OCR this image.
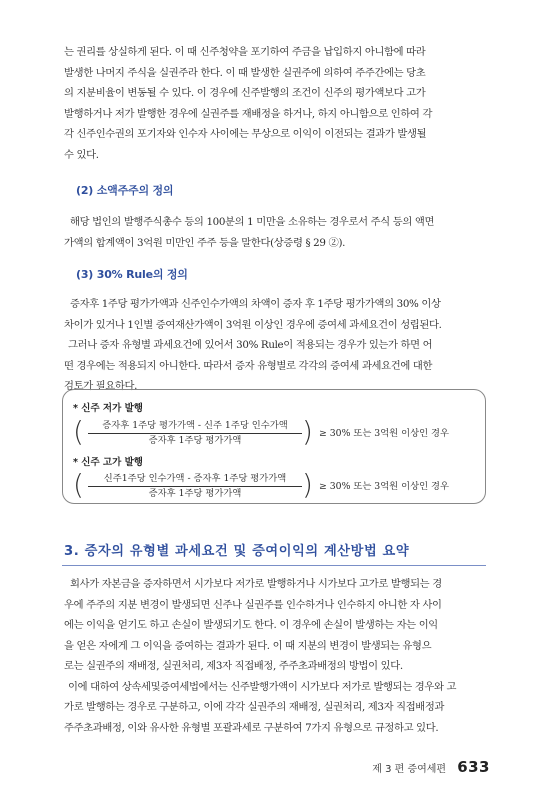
는 권리를 상실하게 된다. 이 때 신주청약을 포기하여 주금을 납입하지 아니함에 따라
발생한 나머지 주식을 실권주라 한다. 이 때 발생한 실권주에 의하여 주주간에는 당초
의 지분비율이 변동될 수 있다. 이 경우에 신주발행의 조건이 신주의 평가액보다 고가
발행하거나 저가 발행한 경우에 실권주를 재배정을 하거나, 하지 아니함으로 인하여 각
각 신주인수권의 포기자와 인수자 사이에는 무상으로 이익이 이전되는 결과가 발생될
수 있다.

(2) 소액주주의 정의

해당 법인의 발행주식총수 등의 100분의 1 미만을 소유하는 경우로서 주식 등의 액면
가액의 합계액이 3억원 미만인 주주 등을 말한다(상증령 § 29 ②).

(3) 30% Rule의 정의

증자후 1주당 평가가액과 신주인수가액의 차액이 증자 후 1주당 평가가액의 30% 이상
차이가 있거나 1인별 증여재산가액이 3억원 이상인 경우에 증여세 과세요건이 성립된다.
그러나 증자 유형별 과세요건에 있어서 30% Rule이 적용되는 경우가 있는가 하면 어
떤 경우에는 적용되지 아니한다. 따라서 증자 유형별로 각각의 증여세 과세요건에 대한
검토가 필요하다.

* 신주 저가 발행
(	증자후 1주당 평가가액 - 신주 1주당 인수가액
증자후 1주당 평가가액	) ≥ 30% 또는 3억원 이상인 경우
* 신주 고가 발행
(	신주1주당 인수가액 - 증자후 1주당 평가가액
증자후 1주당 평가가액	) ≥ 30% 또는 3억원 이상인 경우
3. 증자의 유형별 과세요건 및 증여이익의 계산방법 요약

회사가 자본금을 증자하면서 시가보다 저가로 발행하거나 시가보다 고가로 발행되는 경
우에 주주의 지분 변경이 발생되면 신주나 실권주를 인수하거나 인수하지 아니한 자 사이
에는 이익을 얻기도 하고 손실이 발생되기도 한다. 이 경우에 손실이 발생하는 자는 이익
을 얻은 자에게 그 이익을 증여하는 결과가 된다. 이 때 지분의 변경이 발생되는 유형으
로는 실권주의 재배정, 실권처리, 제3자 직접배정, 주주초과배정의 방법이 있다.
이에 대하여 상속세및증여세법에서는 신주발행가액이 시가보다 저가로 발행되는 경우와 고
가로 발행하는 경우로 구분하고, 이에 각각 실권주의 재배정, 실권처리, 제3자 직접배정과
주주초과배정, 이와 유사한 유형별 포괄과세로 구분하여 7가지 유형으로 규정하고 있다.

제 3 편 증여세편 633
